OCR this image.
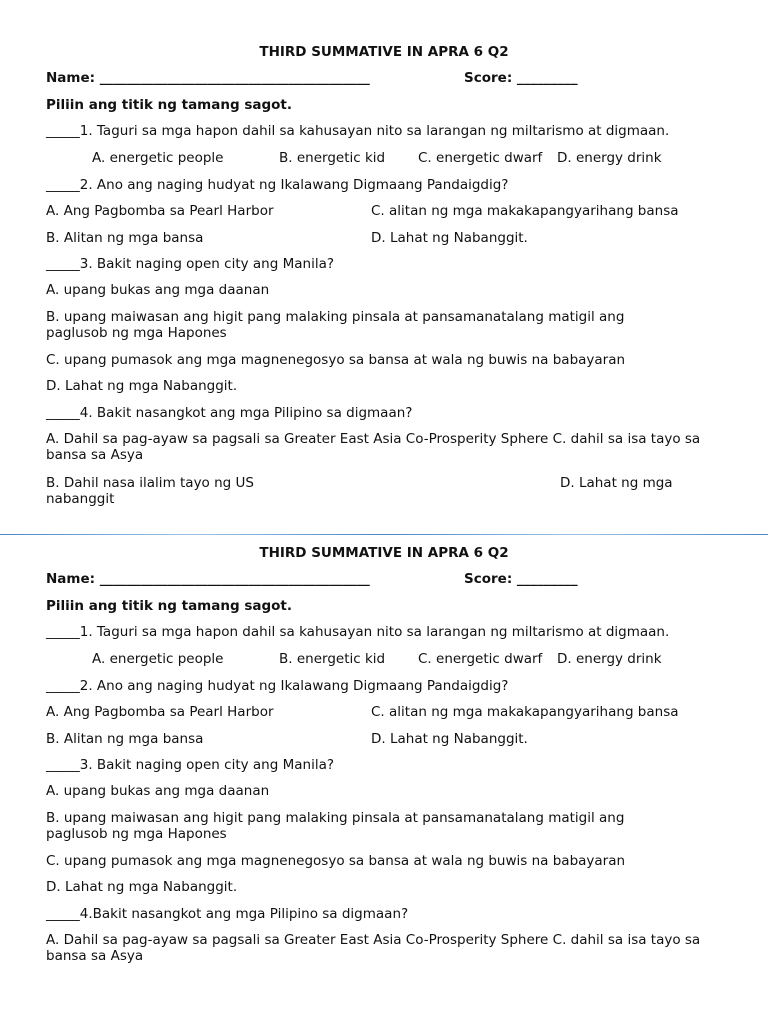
THIRD SUMMATIVE IN APRA 6 Q2
Name: ________________________________________	Score: _________
Piliin ang titik ng tamang sagot.
_____1. Taguri sa mga hapon dahil sa kahusayan nito sa larangan ng miltarismo at digmaan.
A. energetic people	B. energetic kid C. energetic dwarf D. energy drink
_____2. Ano ang naging hudyat ng Ikalawang Digmaang Pandaigdig?
A. Ang Pagbomba sa Pearl Harbor	C. alitan ng mga makakapangyarihang bansa
B. Alitan ng mga bansa	D. Lahat ng Nabanggit.
_____3. Bakit naging open city ang Manila?
A. upang bukas ang mga daanan
B. upang maiwasan ang higit pang malaking pinsala at pansamanatalang matigil ang paglusob ng mga Hapones
C. upang pumasok ang mga magnenegosyo sa bansa at wala ng buwis na babayaran
D. Lahat ng mga Nabanggit.
_____4. Bakit nasangkot ang mga Pilipino sa digmaan?
A. Dahil sa pag-ayaw sa pagsali sa Greater East Asia Co-Prosperity Sphere C. dahil sa isa tayo sa bansa sa Asya
B. Dahil nasa ilalim tayo ng US	D. Lahat ng mga nabanggit
THIRD SUMMATIVE IN APRA 6 Q2
Name: ________________________________________	Score: _________
Piliin ang titik ng tamang sagot.
_____1. Taguri sa mga hapon dahil sa kahusayan nito sa larangan ng miltarismo at digmaan.
A. energetic people	B. energetic kid C. energetic dwarf D. energy drink
_____2. Ano ang naging hudyat ng Ikalawang Digmaang Pandaigdig?
A. Ang Pagbomba sa Pearl Harbor	C. alitan ng mga makakapangyarihang bansa
B. Alitan ng mga bansa	D. Lahat ng Nabanggit.
_____3. Bakit naging open city ang Manila?
A. upang bukas ang mga daanan
B. upang maiwasan ang higit pang malaking pinsala at pansamanatalang matigil ang paglusob ng mga Hapones
C. upang pumasok ang mga magnenegosyo sa bansa at wala ng buwis na babayaran
D. Lahat ng mga Nabanggit.
_____4.Bakit nasangkot ang mga Pilipino sa digmaan?
A. Dahil sa pag-ayaw sa pagsali sa Greater East Asia Co-Prosperity Sphere C. dahil sa isa tayo sa bansa sa Asya
